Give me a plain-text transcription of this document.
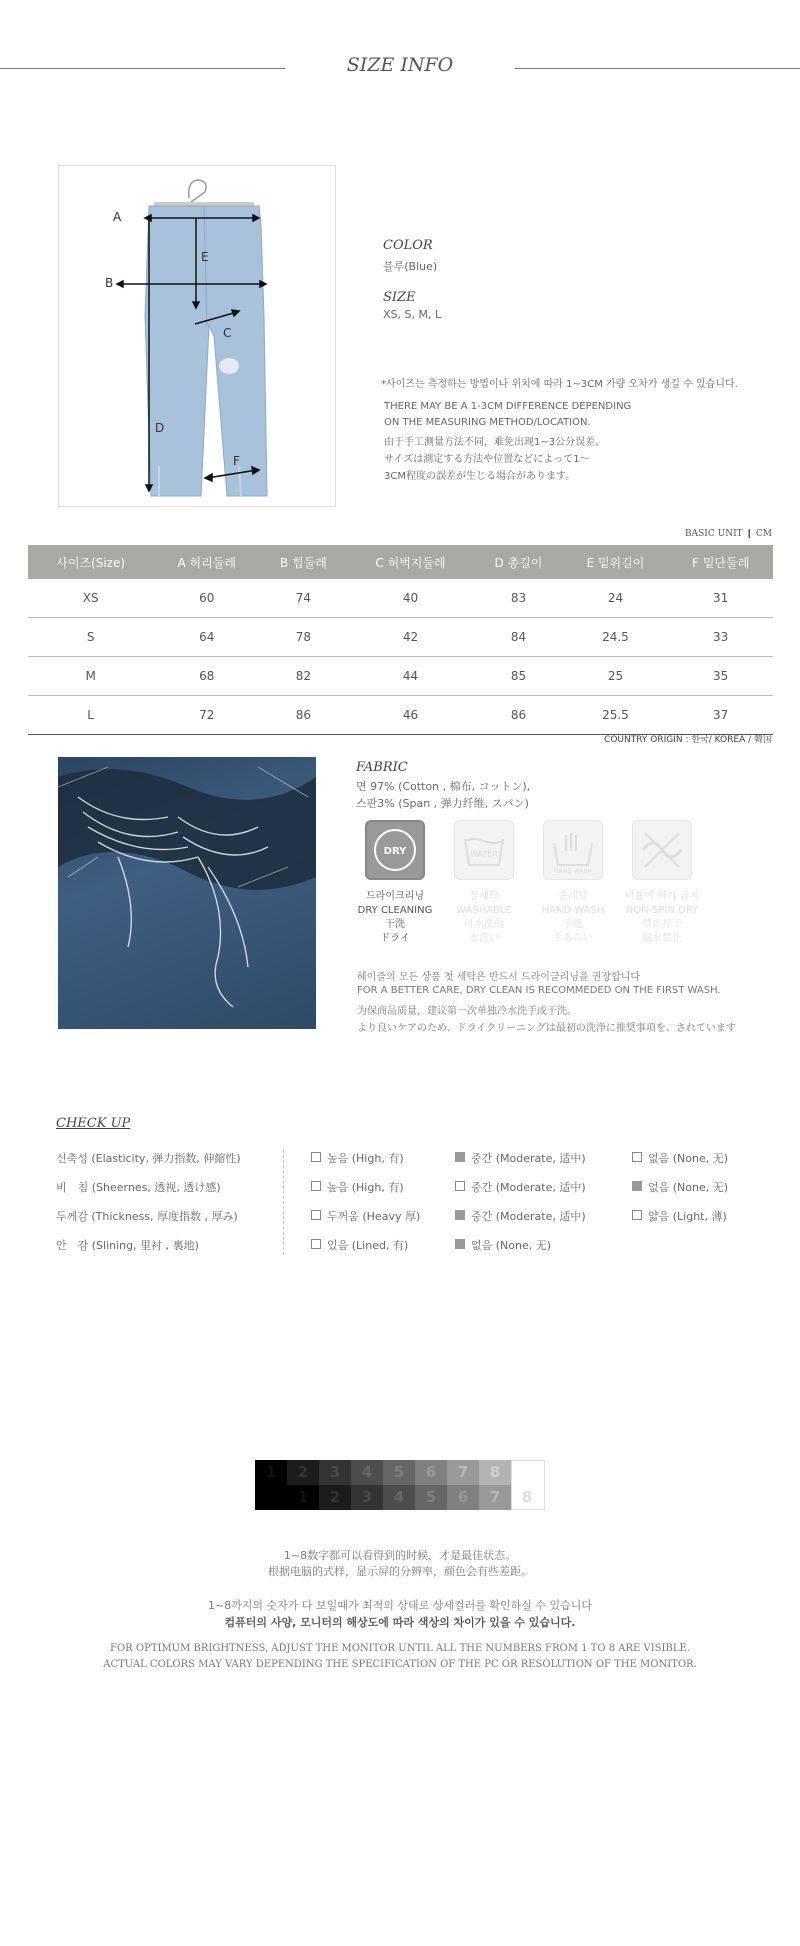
SIZE INFO
A
B
C
D
E
F
COLOR
블루(Blue)
SIZE
XS, S, M, L
*사이즈는 측정하는 방법이나 위치에 따라 1~3CM 가량 오차가 생길 수 있습니다.
THERE MAY BE A 1-3CM DIFFERENCE DEPENDING
ON THE MEASURING METHOD/LOCATION.
由于手工测量方法不同，难免出现1~3公分误差。
サイズは測定する方法や位置などによって1～
3CM程度の誤差が生じる場合があります。
BASIC UNIT ❙ CM
사이즈(Size)	A 허리둘레	B 힙둘레	C 허벅지둘레	D 총길이	E 밑위길이	F 밑단둘레
XS	60	74	40	83	24	31
S	64	78	42	84	24.5	33
M	68	82	44	85	25	35
L	72	86	46	86	25.5	37
COUNTRY ORIGIN : 한국/ KOREA / 韓国
FABRIC
면 97% (Cotton , 棉布, コットン),
스판3% (Span , 弹力纤维, スパン)
DRY	WATER
HAND WASH
드라이크리닝
DRY CLEANING
干洗
ドライ
물세탁
WASHABLE
可水洗的
水洗い
손세탁
HAND WASH
手洗
手あらい
비틀어 짜기 금지
NON-SPIN DRY
禁止拧干
脱水禁止
헤이즐의 모든 상품 첫 세탁은 반드시 드라이클리닝을 권장합니다
FOR A BETTER CARE, DRY CLEAN IS RECOMMEDED ON THE FIRST WASH.
为保商品质量，建议第一次单独冷水洗手或干洗。
より良いケアのため、ドライクリーニングは最初の洗浄に推奨事項を、されています
CHECK UP
신축성 (Elasticity, 弹力指数, 伸縮性)	높음 (High, 有)	중간 (Moderate, 适中)	없음 (None, 无)
비　침 (Sheernes, 透视, 透け感)	높음 (High, 有)	중간 (Moderate, 适中)	없음 (None, 无)
두께감 (Thickness, 厚度指数 , 厚み)	두꺼움 (Heavy 厚)	중간 (Moderate, 适中)	얇음 (Light, 薄)
안　감 (Slining, 里衬 , 裏地)	있음 (Lined, 有)	없음 (None, 无)
1	2	3	4	5	6	7	8
1	2	3	4	5	6	7	8
1~8数字都可以看得到的时候，才是最佳状态。
根据电脑的式样，显示屏的分辨率，颜色会有些差距。
1~8까지의 숫자가 다 보일때가 최적의 상태로 상세컬러를 확인하실 수 있습니다
컴퓨터의 사양, 모니터의 해상도에 따라 색상의 차이가 있을 수 있습니다.
FOR OPTIMUM BRIGHTNESS, ADJUST THE MONITOR UNTIL ALL THE NUMBERS FROM 1 TO 8 ARE VISIBLE.
ACTUAL COLORS MAY VARY DEPENDING THE SPECIFICATION OF THE PC OR RESOLUTION OF THE MONITOR.
